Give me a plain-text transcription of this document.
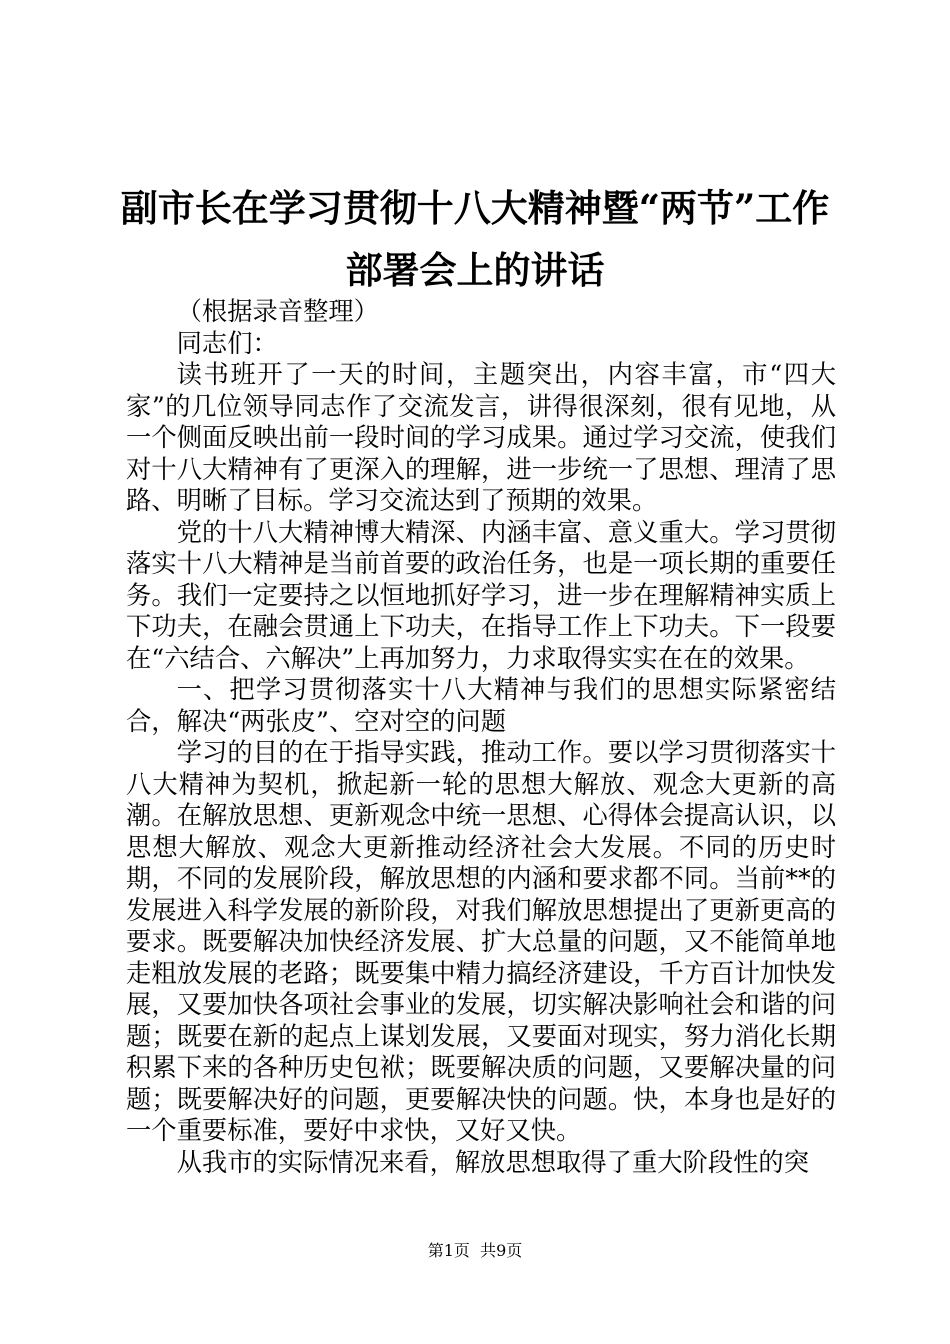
副市长在学习贯彻十八大精神暨“两节”工作
部署会上的讲话

（根据录音整理）

同志们：

读书班开了一天的时间，主题突出，内容丰富，市“四大家”的几位领导同志作了交流发言，讲得很深刻，很有见地，从一个侧面反映出前一段时间的学习成果。通过学习交流，使我们对十八大精神有了更深入的理解，进一步统一了思想、理清了思路、明晰了目标。学习交流达到了预期的效果。

党的十八大精神博大精深、内涵丰富、意义重大。学习贯彻落实十八大精神是当前首要的政治任务，也是一项长期的重要任务。我们一定要持之以恒地抓好学习，进一步在理解精神实质上下功夫，在融会贯通上下功夫，在指导工作上下功夫。下一段要在“六结合、六解决”上再加努力，力求取得实实在在的效果。

一、把学习贯彻落实十八大精神与我们的思想实际紧密结合，解决“两张皮”、空对空的问题

学习的目的在于指导实践，推动工作。要以学习贯彻落实十八大精神为契机，掀起新一轮的思想大解放、观念大更新的高潮。在解放思想、更新观念中统一思想、心得体会提高认识，以思想大解放、观念大更新推动经济社会大发展。不同的历史时期，不同的发展阶段，解放思想的内涵和要求都不同。当前**的发展进入科学发展的新阶段，对我们解放思想提出了更新更高的要求。既要解决加快经济发展、扩大总量的问题，又不能简单地走粗放发展的老路；既要集中精力搞经济建设，千方百计加快发展，又要加快各项社会事业的发展，切实解决影响社会和谐的问题；既要在新的起点上谋划发展，又要面对现实，努力消化长期积累下来的各种历史包袱；既要解决质的问题，又要解决量的问题；既要解决好的问题，更要解决快的问题。快，本身也是好的一个重要标准，要好中求快，又好又快。

从我市的实际情况来看，解放思想取得了重大阶段性的突

第1页  共9页
